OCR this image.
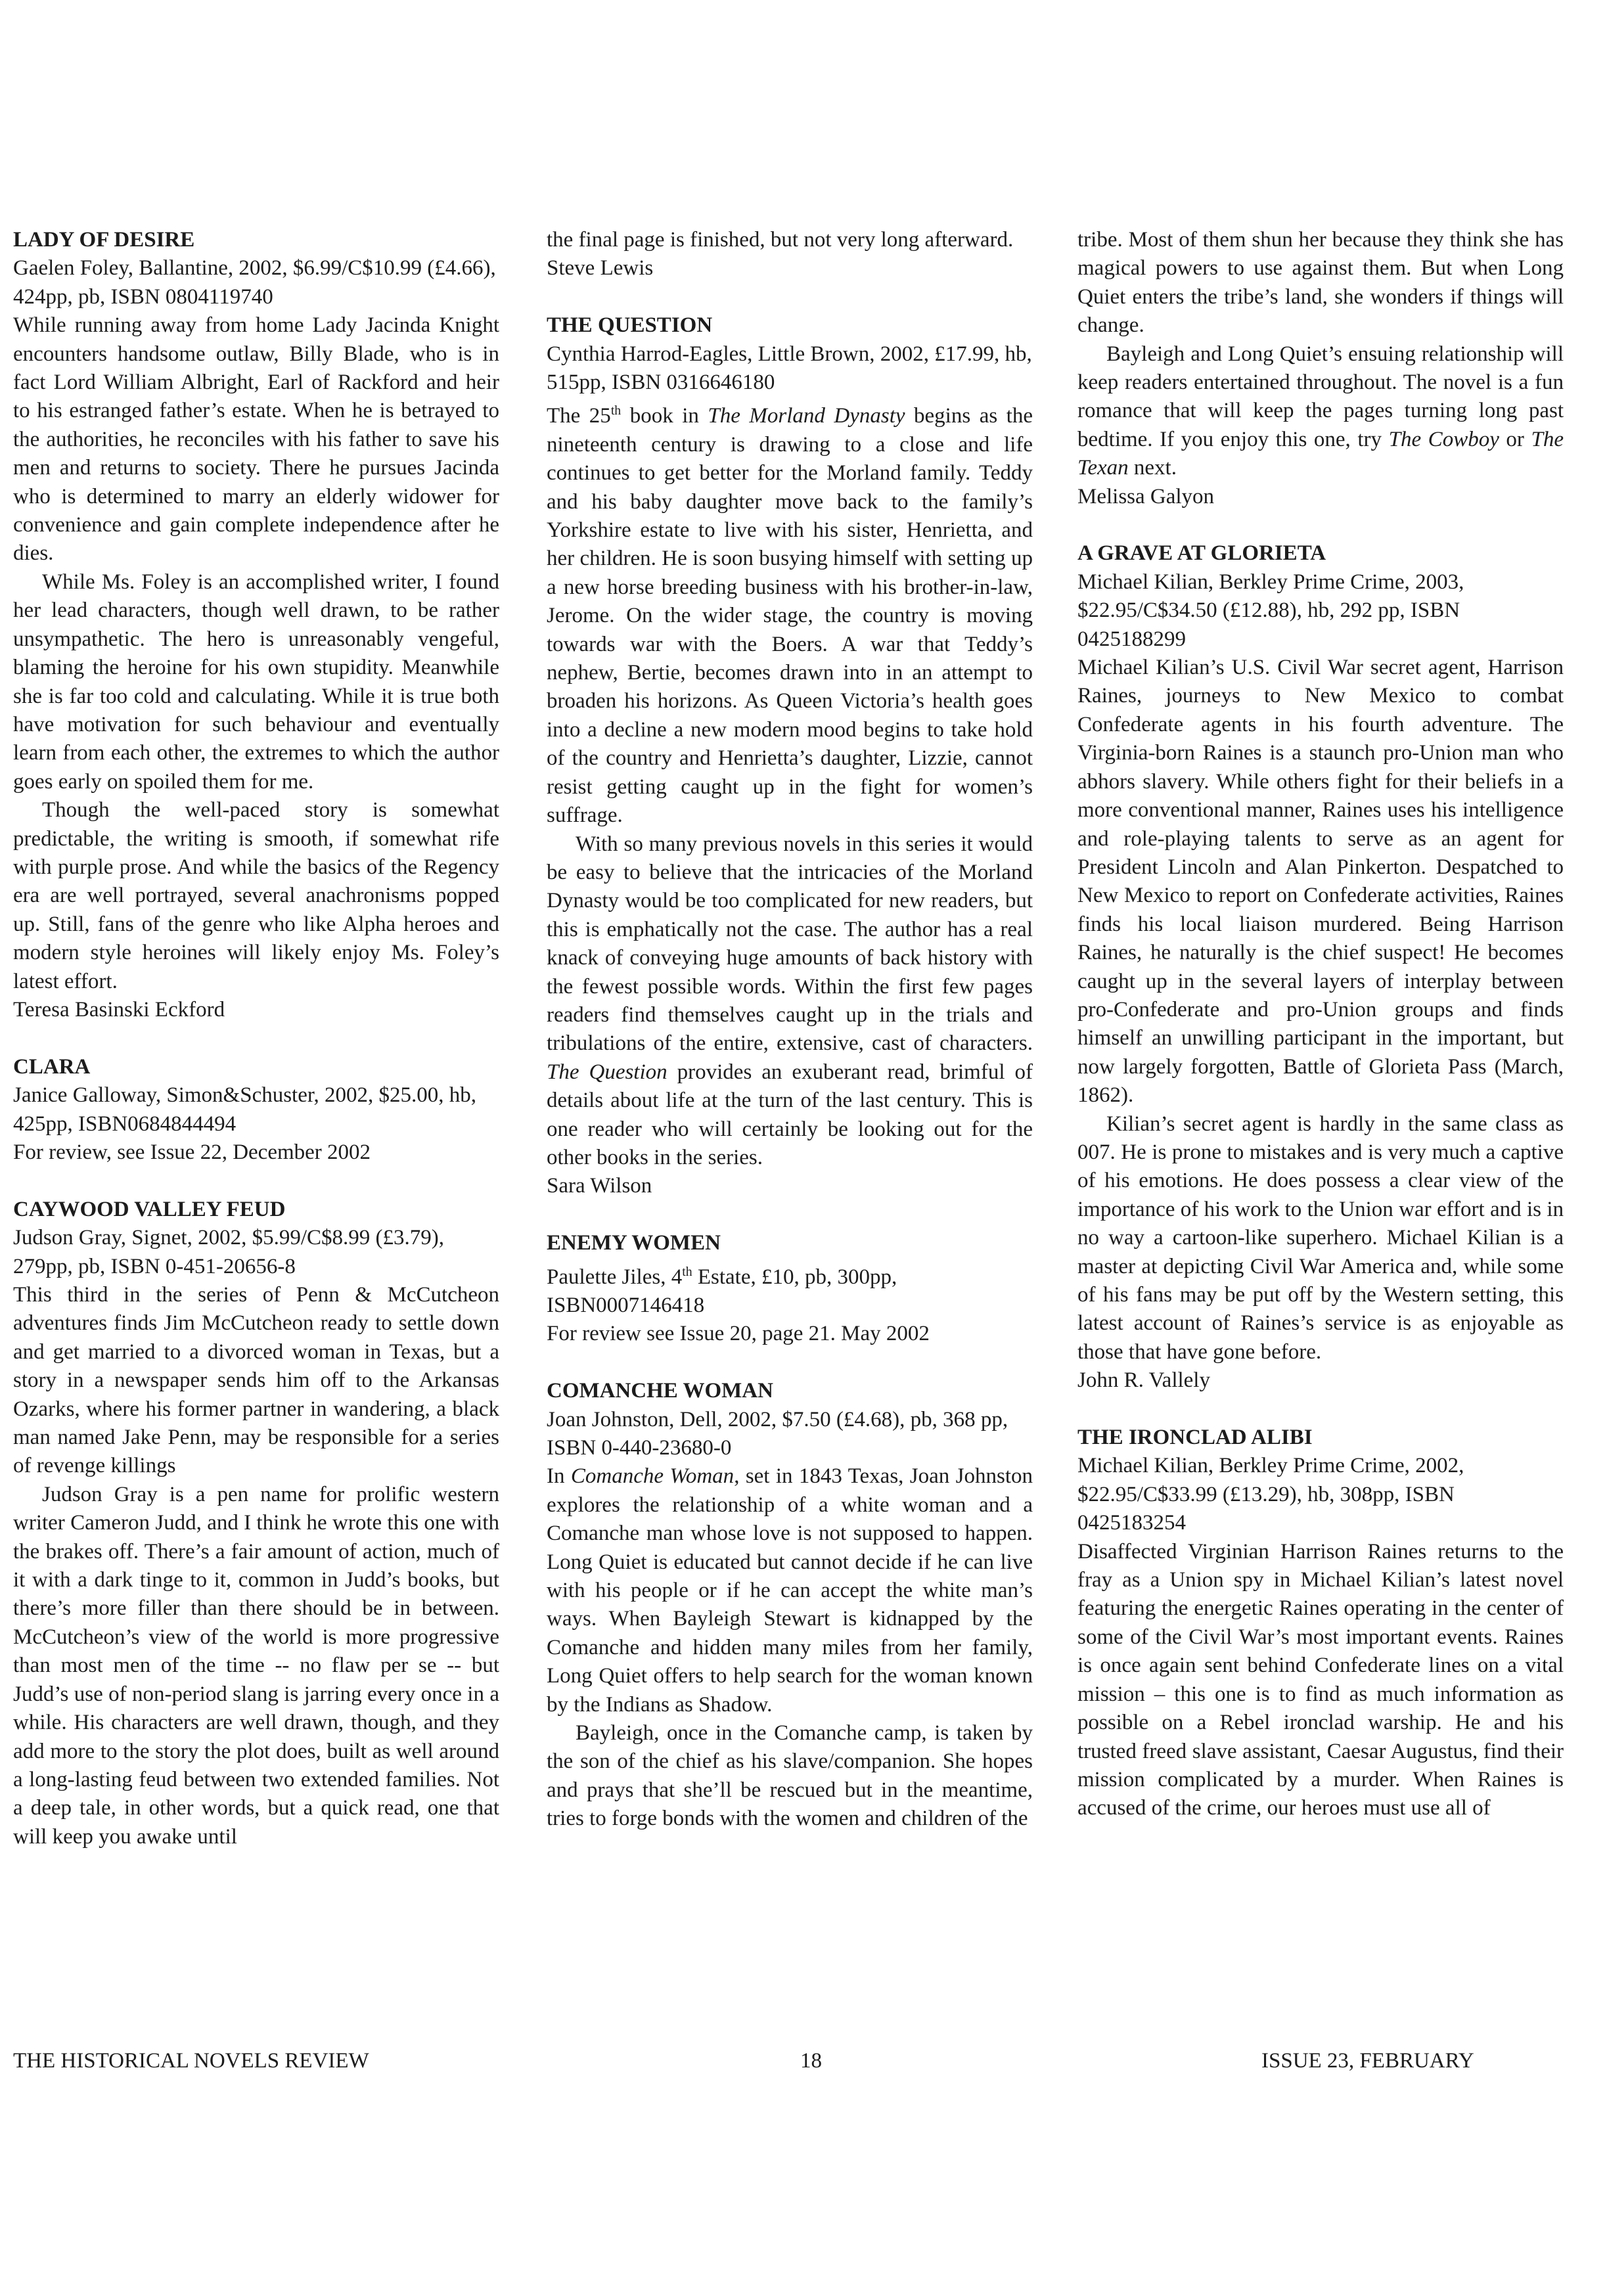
LADY OF DESIRE

Gaelen Foley, Ballantine, 2002, $6.99/C$10.99 (£4.66), 424pp, pb, ISBN 0804119740

While running away from home Lady Jacinda Knight encounters handsome outlaw, Billy Blade, who is in fact Lord William Albright, Earl of Rackford and heir to his estranged father’s estate. When he is betrayed to the authorities, he reconciles with his father to save his men and returns to society. There he pursues Jacinda who is determined to marry an elderly widower for convenience and gain complete independence after he dies.

While Ms. Foley is an accomplished writer, I found her lead characters, though well drawn, to be rather unsympathetic. The hero is unreasonably vengeful, blaming the heroine for his own stupidity. Meanwhile she is far too cold and calculating. While it is true both have motivation for such behaviour and eventually learn from each other, the extremes to which the author goes early on spoiled them for me.

Though the well-paced story is somewhat predictable, the writing is smooth, if somewhat rife with purple prose. And while the basics of the Regency era are well portrayed, several anachronisms popped up. Still, fans of the genre who like Alpha heroes and modern style heroines will likely enjoy Ms. Foley’s latest effort.

Teresa Basinski Eckford
CLARA

Janice Galloway, Simon&Schuster, 2002, $25.00, hb, 425pp, ISBN0684844494

For review, see Issue 22, December 2002
CAYWOOD VALLEY FEUD

Judson Gray, Signet, 2002, $5.99/C$8.99 (£3.79), 279pp, pb, ISBN 0-451-20656-8

This third in the series of Penn & McCutcheon adventures finds Jim McCutcheon ready to settle down and get married to a divorced woman in Texas, but a story in a newspaper sends him off to the Arkansas Ozarks, where his former partner in wandering, a black man named Jake Penn, may be responsible for a series of revenge killings

Judson Gray is a pen name for prolific western writer Cameron Judd, and I think he wrote this one with the brakes off. There’s a fair amount of action, much of it with a dark tinge to it, common in Judd’s books, but there’s more filler than there should be in between. McCutcheon’s view of the world is more progressive than most men of the time -- no flaw per se -- but Judd’s use of non-period slang is jarring every once in a while. His characters are well drawn, though, and they add more to the story the plot does, built as well around a long-lasting feud between two extended families. Not a deep tale, in other words, but a quick read, one that will keep you awake until

the final page is finished, but not very long afterward.

Steve Lewis
THE QUESTION

Cynthia Harrod-Eagles, Little Brown, 2002, £17.99, hb, 515pp, ISBN 0316646180

The 25th book in The Morland Dynasty begins as the nineteenth century is drawing to a close and life continues to get better for the Morland family. Teddy and his baby daughter move back to the family’s Yorkshire estate to live with his sister, Henrietta, and her children. He is soon busying himself with setting up a new horse breeding business with his brother-in-law, Jerome. On the wider stage, the country is moving towards war with the Boers. A war that Teddy’s nephew, Bertie, becomes drawn into in an attempt to broaden his horizons. As Queen Victoria’s health goes into a decline a new modern mood begins to take hold of the country and Henrietta’s daughter, Lizzie, cannot resist getting caught up in the fight for women’s suffrage.

With so many previous novels in this series it would be easy to believe that the intricacies of the Morland Dynasty would be too complicated for new readers, but this is emphatically not the case. The author has a real knack of conveying huge amounts of back history with the fewest possible words. Within the first few pages readers find themselves caught up in the trials and tribulations of the entire, extensive, cast of characters. The Question provides an exuberant read, brimful of details about life at the turn of the last century. This is one reader who will certainly be looking out for the other books in the series.

Sara Wilson
ENEMY WOMEN

Paulette Jiles, 4th Estate, £10, pb, 300pp, ISBN0007146418

For review see Issue 20, page 21. May 2002
COMANCHE WOMAN

Joan Johnston, Dell, 2002, $7.50 (£4.68), pb, 368 pp, ISBN 0-440-23680-0

In Comanche Woman, set in 1843 Texas, Joan Johnston explores the relationship of a white woman and a Comanche man whose love is not supposed to happen. Long Quiet is educated but cannot decide if he can live with his people or if he can accept the white man’s ways. When Bayleigh Stewart is kidnapped by the Comanche and hidden many miles from her family, Long Quiet offers to help search for the woman known by the Indians as Shadow.

Bayleigh, once in the Comanche camp, is taken by the son of the chief as his slave/companion. She hopes and prays that she’ll be rescued but in the meantime, tries to forge bonds with the women and children of the

tribe. Most of them shun her because they think she has magical powers to use against them. But when Long Quiet enters the tribe’s land, she wonders if things will change.

Bayleigh and Long Quiet’s ensuing relationship will keep readers entertained throughout. The novel is a fun romance that will keep the pages turning long past bedtime. If you enjoy this one, try The Cowboy or The Texan next.

Melissa Galyon
A GRAVE AT GLORIETA

Michael Kilian, Berkley Prime Crime, 2003, $22.95/C$34.50 (£12.88), hb, 292 pp, ISBN 0425188299

Michael Kilian’s U.S. Civil War secret agent, Harrison Raines, journeys to New Mexico to combat Confederate agents in his fourth adventure. The Virginia-born Raines is a staunch pro-Union man who abhors slavery. While others fight for their beliefs in a more conventional manner, Raines uses his intelligence and role-playing talents to serve as an agent for President Lincoln and Alan Pinkerton. Despatched to New Mexico to report on Confederate activities, Raines finds his local liaison murdered. Being Harrison Raines, he naturally is the chief suspect! He becomes caught up in the several layers of interplay between pro-Confederate and pro-Union groups and finds himself an unwilling participant in the important, but now largely forgotten, Battle of Glorieta Pass (March, 1862).

Kilian’s secret agent is hardly in the same class as 007. He is prone to mistakes and is very much a captive of his emotions. He does possess a clear view of the importance of his work to the Union war effort and is in no way a cartoon-like superhero. Michael Kilian is a master at depicting Civil War America and, while some of his fans may be put off by the Western setting, this latest account of Raines’s service is as enjoyable as those that have gone before.

John R. Vallely
THE IRONCLAD ALIBI

Michael Kilian, Berkley Prime Crime, 2002, $22.95/C$33.99 (£13.29), hb, 308pp, ISBN 0425183254

Disaffected Virginian Harrison Raines returns to the fray as a Union spy in Michael Kilian’s latest novel featuring the energetic Raines operating in the center of some of the Civil War’s most important events. Raines is once again sent behind Confederate lines on a vital mission – this one is to find as much information as possible on a Rebel ironclad warship. He and his trusted freed slave assistant, Caesar Augustus, find their mission complicated by a murder. When Raines is accused of the crime, our heroes must use all of

THE HISTORICAL NOVELS REVIEW	18	ISSUE 23, FEBRUARY
